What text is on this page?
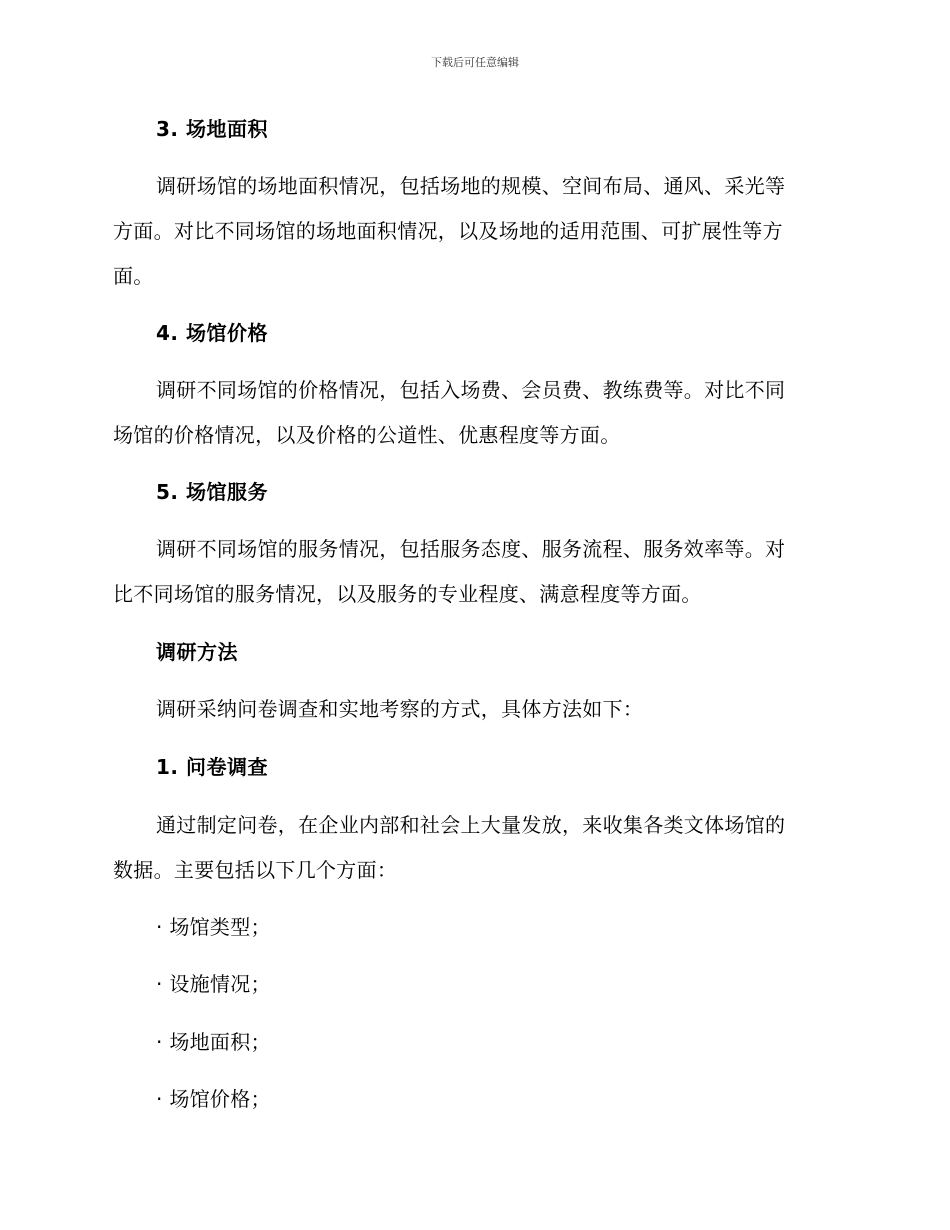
下载后可任意编辑
3. 场地面积
调研场馆的场地面积情况，包括场地的规模、空间布局、通风、采光等
方面。对比不同场馆的场地面积情况，以及场地的适用范围、可扩展性等方
面。
4. 场馆价格
调研不同场馆的价格情况，包括入场费、会员费、教练费等。对比不同
场馆的价格情况，以及价格的公道性、优惠程度等方面。
5. 场馆服务
调研不同场馆的服务情况，包括服务态度、服务流程、服务效率等。对
比不同场馆的服务情况，以及服务的专业程度、满意程度等方面。
调研方法
调研采纳问卷调查和实地考察的方式，具体方法如下：
1. 问卷调查
通过制定问卷，在企业内部和社会上大量发放，来收集各类文体场馆的
数据。主要包括以下几个方面：
· 场馆类型；
· 设施情况；
· 场地面积；
· 场馆价格；
